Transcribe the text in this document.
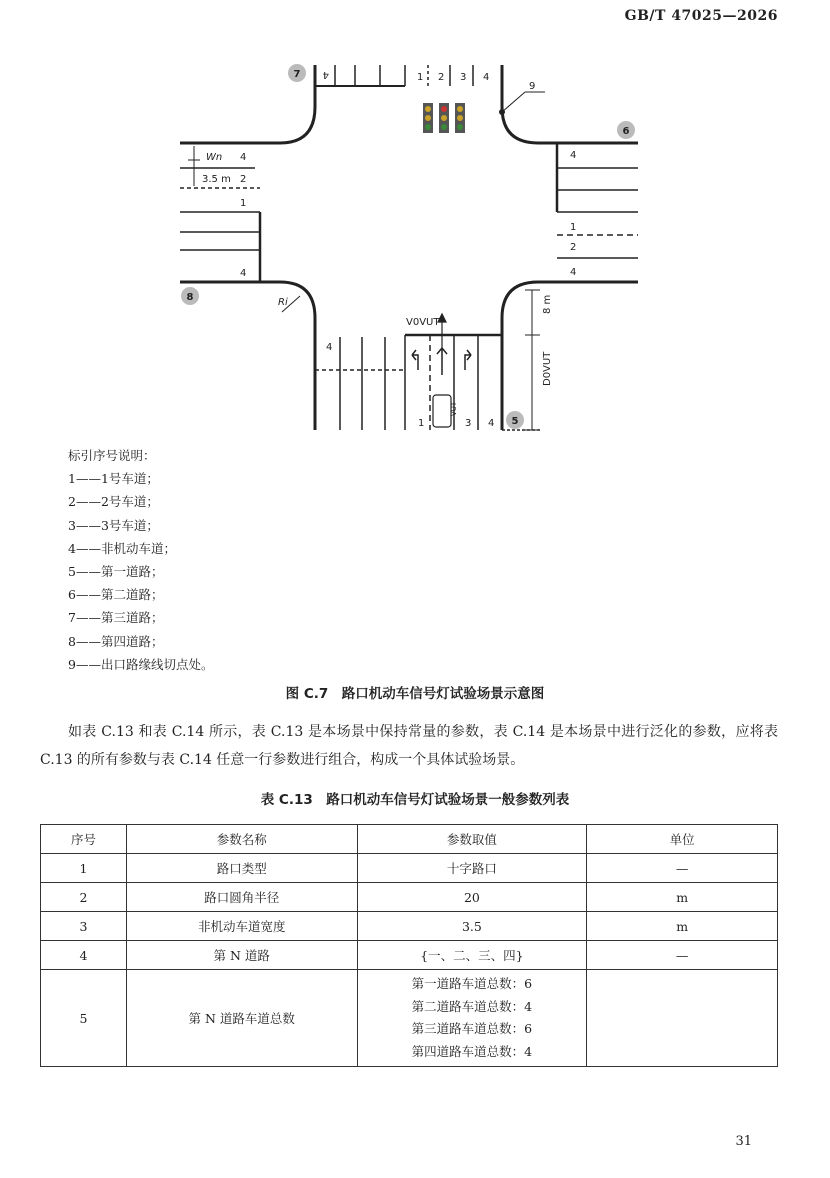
GB/T 47025—2026
4	1 2 3 4
9
Wn
3.5 m
4
2
1
4
4
1
2
4
VUT
V0VUT
8 m
D0VUT
1	3 4
4
Ri
7
6
8
5
标引序号说明：
1——1号车道；
2——2号车道；
3——3号车道；
4——非机动车道；
5——第一道路；
6——第二道路；
7——第三道路；
8——第四道路；
9——出口路缘线切点处。
图 C.7　路口机动车信号灯试验场景示意图
如表 C.13 和表 C.14 所示，表 C.13 是本场景中保持常量的参数，表 C.14 是本场景中进行泛化的参数，应将表 C.13 的所有参数与表 C.14 任意一行参数进行组合，构成一个具体试验场景。
表 C.13　路口机动车信号灯试验场景一般参数列表
序号	参数名称	参数取值	单位
1	路口类型	十字路口	—
2	路口圆角半径	20	m
3	非机动车道宽度	3.5	m
4	第 N 道路	{一、二、三、四}	—
5	第 N 道路车道总数	第一道路车道总数：6
第二道路车道总数：4
第三道路车道总数：6
第四道路车道总数：4	

31
